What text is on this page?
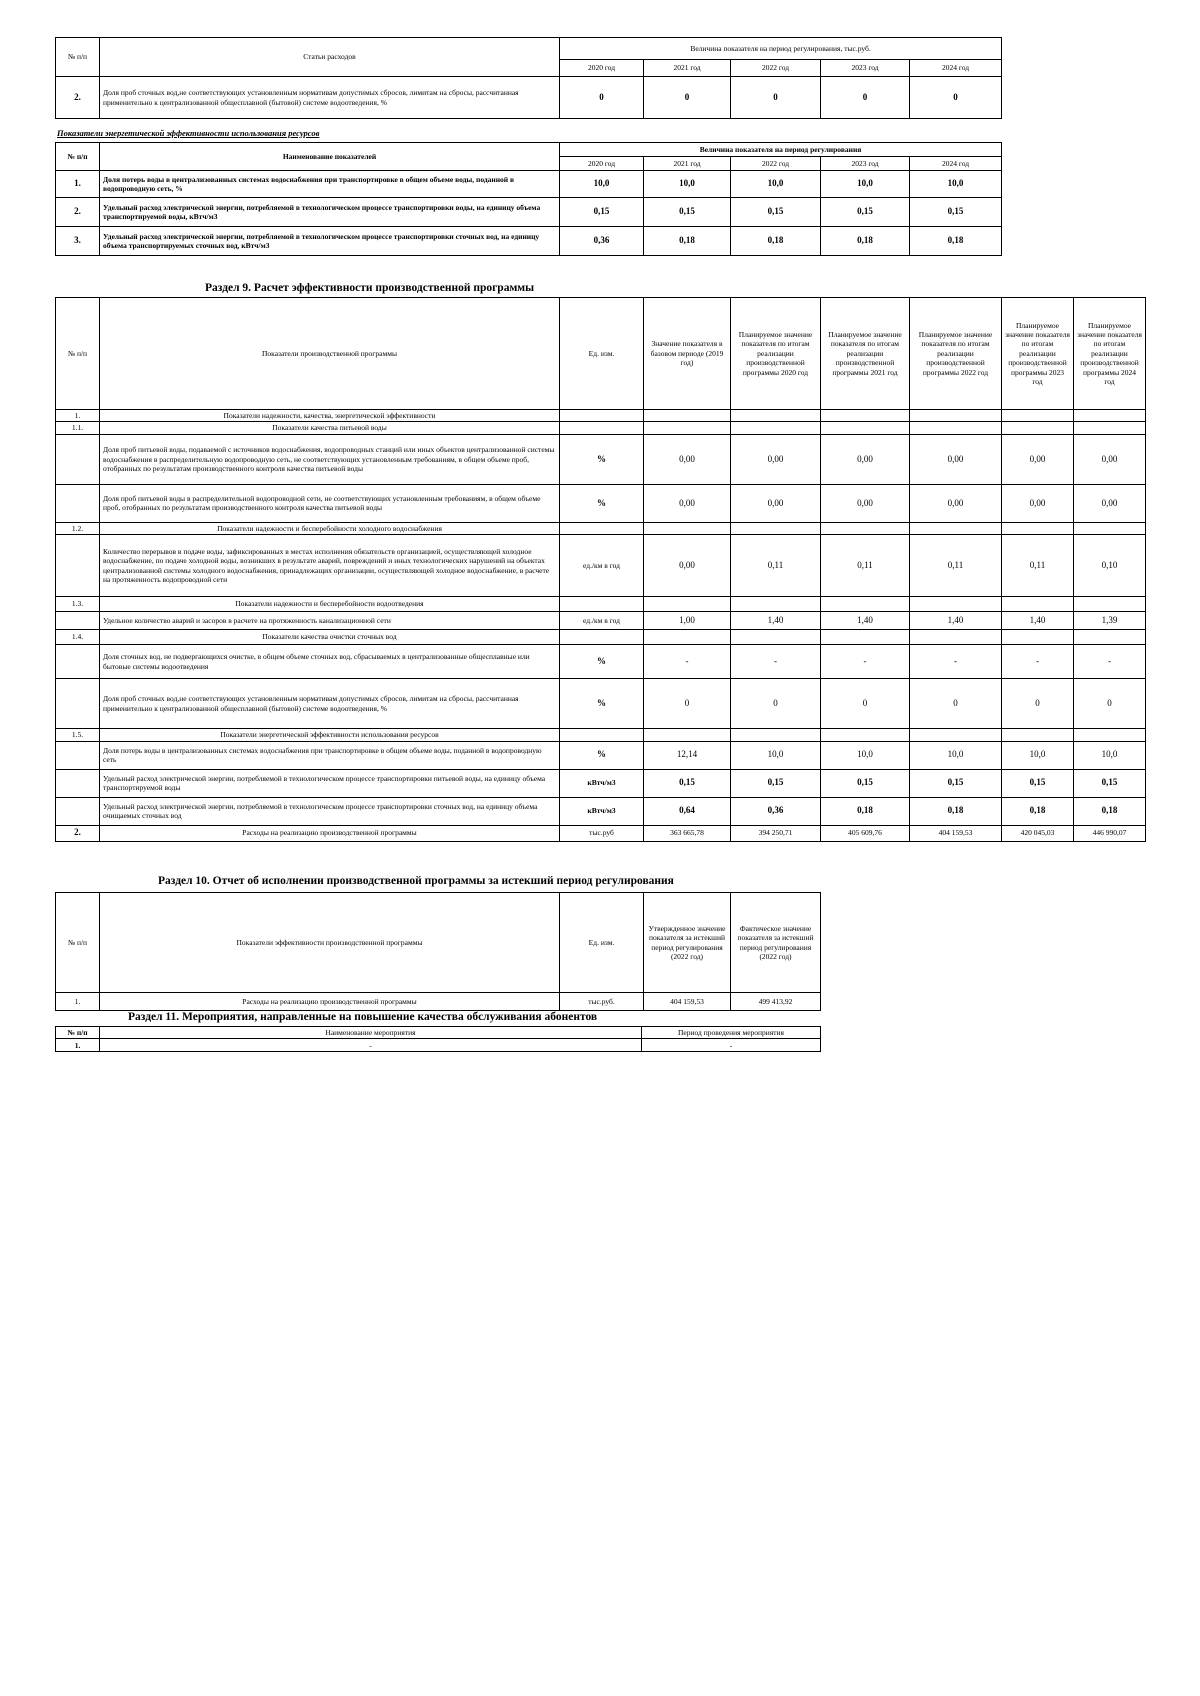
№ п/п	Статьи расходов	Величина показателя на период регулирования, тыс.руб.				
		2020 год	2021 год	2022 год	2023 год	2024 год
2.	Доля проб сточных вод,не соответствующих установленным нормативам допустимых сбросов, лимитам на сбросы, рассчитанная применительно к централизованной общесплавной (бытовой) системе водоотведения, %	0	0	0	0	0
Показатели энергетической эффективности использования ресурсов
№ п/п	Наименование показателей	Величина показателя на период регулирования				
		2020 год	2021 год	2022 год	2023 год	2024 год
1.	Доля потерь воды в централизованных системах водоснабжения при транспортировке в общем объеме воды, поданной в водопроводную сеть, %	10,0	10,0	10,0	10,0	10,0
2.	Удельный расход электрической энергии, потребляемой в технологическом процессе транспортировки воды, на единицу объема транспортируемой воды, кВтч/м3	0,15	0,15	0,15	0,15	0,15
3.	Удельный расход электрической энергии, потребляемой в технологическом процессе транспортировки сточных вод, на единицу объема транспортируемых сточных вод, кВтч/м3	0,36	0,18	0,18	0,18	0,18
Раздел 9. Расчет эффективности производственной программы
№ п/п	Показатели производственной программы	Ед. изм.	Значение показателя в базовом периоде (2019 год)	Планируемое значение показателя по итогам реализации производственной программы 2020 год	Планируемое значение показателя по итогам реализации производственной программы 2021 год	Планируемое значение показателя по итогам реализации производственной программы 2022 год	Планируемое значение показателя по итогам реализации производственной программы 2023 год	Планируемое значение показателя по итогам реализации производственной программы 2024 год
1.	Показатели надежности, качества, энергетической эффективности							
1.1.	Показатели качества питьевой воды							
	Доля проб питьевой воды, подаваемой с источников водоснабжения, водопроводных станций или иных объектов централизованной системы водоснабжения в распределительную водопроводную сеть, не соответствующих установленным требованиям, в общем объеме проб, отобранных по результатам производственного контроля качества питьевой воды	%	0,00	0,00	0,00	0,00	0,00	0,00
	Доля проб питьевой воды в распределительной водопроводной сети, не соответствующих установленным требованиям, в общем объеме проб, отобранных по результатам производственного контроля качества питьевой воды	%	0,00	0,00	0,00	0,00	0,00	0,00
1.2.	Показатели надежности и бесперебойности холодного водоснабжения							
	Количество перерывов в подаче воды, зафиксированных в местах исполнения обязательств организацией, осуществляющей холодное водоснабжение, по подаче холодной воды, возникших в результате аварий, повреждений и иных технологических нарушений на объектах централизованной системы холодного водоснабжения, принадлежащих организации, осуществляющей холодное водоснабжение, в расчете на протяженность водопроводной сети	ед./км в год	0,00	0,11	0,11	0,11	0,11	0,10
1.3.	Показатели надежности и бесперебойности водоотведения							
	Удельное количество аварий и засоров в расчете на протяженность канализационной сети	ед./км в год	1,00	1,40	1,40	1,40	1,40	1,39
1.4.	Показатели качества очистки сточных вод							
	Доля сточных вод, не подвергающихся очистке, в общем объеме сточных вод, сбрасываемых в централизованные общесплавные или бытовые системы водоотведения	%	-	-	-	-	-	-
	Доля проб сточных вод,не соответствующих установленным нормативам допустимых сбросов, лимитам на сбросы, рассчитанная применительно к централизованной общесплавной (бытовой) системе водоотведения, %	%	0	0	0	0	0	0
1.5.	Показатели энергетической эффективности использования ресурсов							
	Доля потерь воды в централизованных системах водоснабжения при транспортировке в общем объеме воды, поданной в водопроводную сеть	%	12,14	10,0	10,0	10,0	10,0	10,0
	Удельный расход электрической энергии, потребляемой в технологическом процессе транспортировки питьевой воды, на единицу объема транспортируемой воды	кВтч/м3	0,15	0,15	0,15	0,15	0,15	0,15
	Удельный расход электрической энергии, потребляемой в технологическом процессе транспортировки сточных вод, на единицу объема очищаемых сточных вод	кВтч/м3	0,64	0,36	0,18	0,18	0,18	0,18
2.	Расходы на реализацию производственной программы	тыс.руб	363 665,78	394 250,71	405 609,76	404 159,53	420 045,03	446 990,07
Раздел 10. Отчет об исполнении производственной программы за истекший период регулирования
№ п/п	Показатели эффективности производственной программы	Ед. изм.	Утвержденное значение показателя за истекший период регулирования (2022 год)	Фактическое значение показателя за истекший период регулирования (2022 год)
1.	Расходы на реализацию производственной программы	тыс.руб.	404 159,53	499 413,92
Раздел 11. Мероприятия, направленные на повышение качества обслуживания абонентов
№ п/п	Наименование мероприятия	Период проведения мероприятия
1.	-	-
